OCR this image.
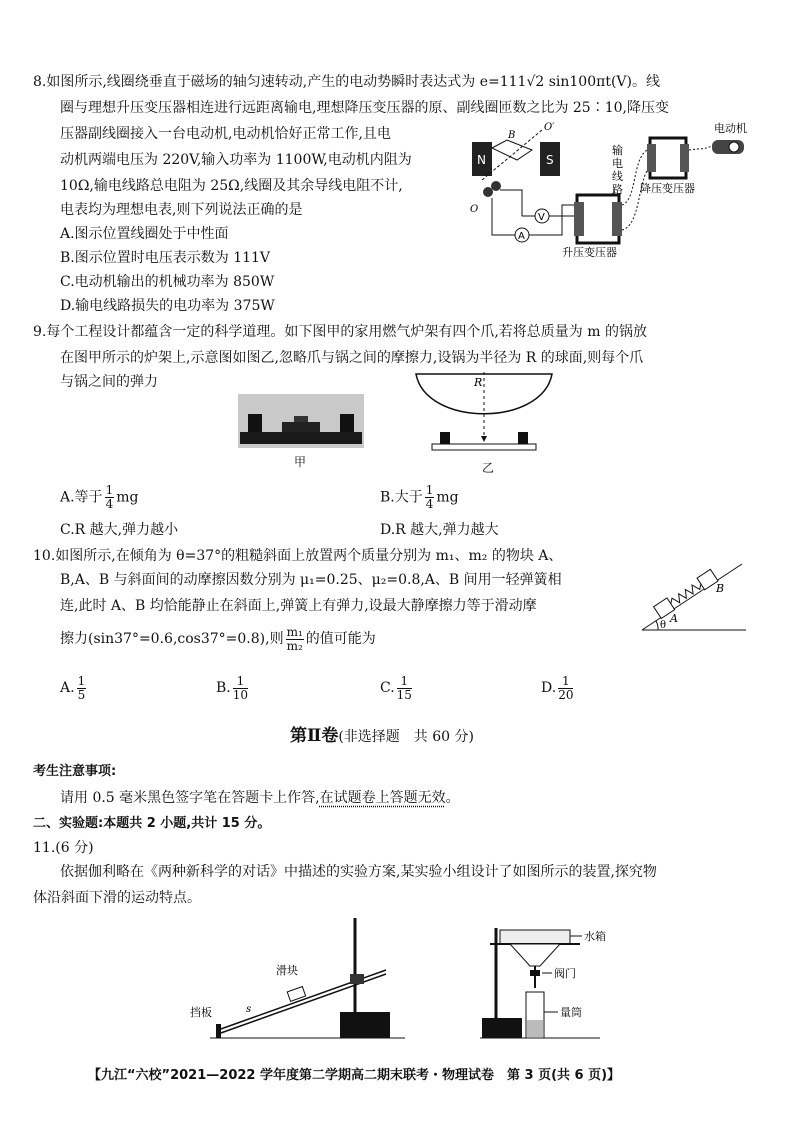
8.如图所示,线圈绕垂直于磁场的轴匀速转动,产生的电动势瞬时表达式为 e=111√2 sin100πt(V)。线
圈与理想升压变压器相连进行远距离输电,理想降压变压器的原、副线圈匝数之比为 25∶10,降压变
压器副线圈接入一台电动机,电动机恰好正常工作,且电
动机两端电压为 220V,输入功率为 1100W,电动机内阻为
10Ω,输电线路总电阻为 25Ω,线圈及其余导线电阻不计,
电表均为理想电表,则下列说法正确的是
A.图示位置线圈处于中性面
B.图示位置时电压表示数为 111V
C.电动机输出的机械功率为 850W
D.输电线路损失的电功率为 375W
N	S
B
O′
O
A
V
升压变压器
输
电
线
路 降压变压器
电动机
9.每个工程设计都蕴含一定的科学道理。如下图甲的家用燃气炉架有四个爪,若将总质量为 m 的锅放
在图甲所示的炉架上,示意图如图乙,忽略爪与锅之间的摩擦力,设锅为半径为 R 的球面,则每个爪
与锅之间的弹力
甲
R
乙
A.等于 $\frac{1}{4}$ mg	B.大于 $\frac{1}{4}$ mg
C.R 越大,弹力越小	D.R 越大,弹力越大
10.如图所示,在倾角为 θ=37°的粗糙斜面上放置两个质量分别为 m₁、m₂ 的物块 A、
B,A、B 与斜面间的动摩擦因数分别为 μ₁=0.25、μ₂=0.8,A、B 间用一轻弹簧相
连,此时 A、B 均恰能静止在斜面上,弹簧上有弹力,设最大静摩擦力等于滑动摩
擦力(sin37°=0.6,cos37°=0.8),则 $\frac{\text{m₁}}{\text{m₂}}$ 的值可能为
θ
A
B
A. $\frac{1}{5}$	B. $\frac{1}{10}$	C. $\frac{1}{15}$	D. $\frac{1}{20}$
第Ⅱ卷(非选择题　共 60 分)
考生注意事项:
请用 0.5 毫米黑色签字笔在答题卡上作答,在试题卷上答题无效。
二、实验题:本题共 2 小题,共计 15 分。
11.(6 分)
依据伽利略在《两种新科学的对话》中描述的实验方案,某实验小组设计了如图所示的装置,探究物
体沿斜面下滑的运动特点。
滑块
挡板	s
水箱
阀门
量筒
【九江“六校”2021—2022 学年度第二学期高二期末联考・物理试卷　第 3 页(共 6 页)】
